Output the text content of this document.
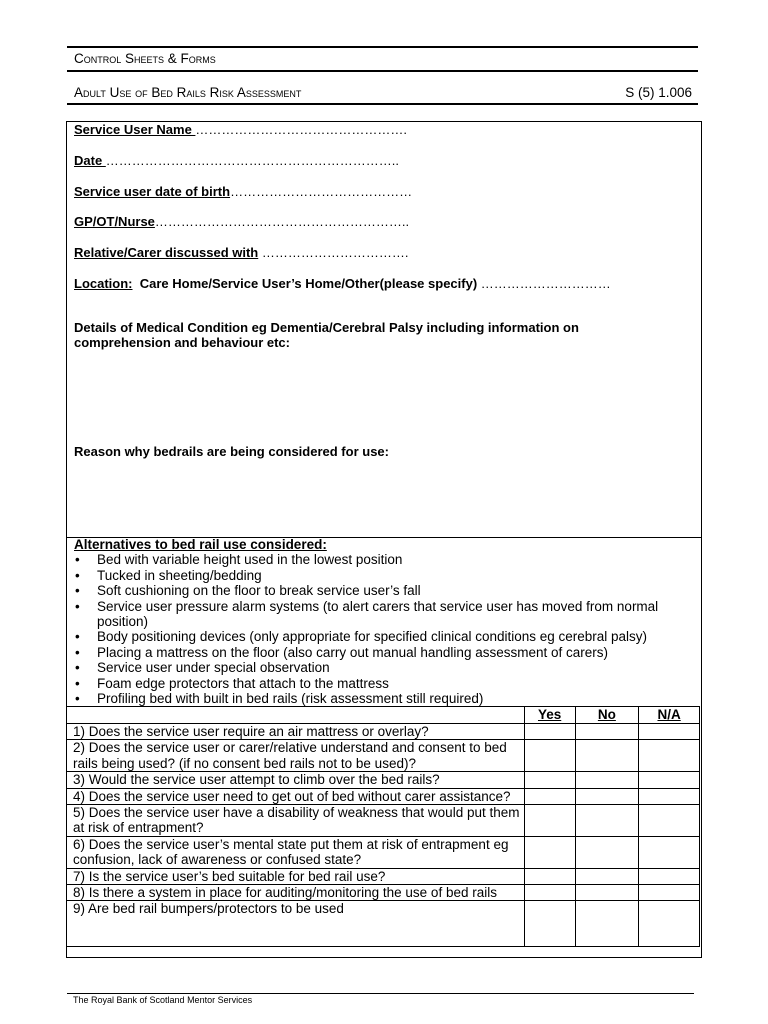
Control Sheets & Forms
Adult Use of Bed Rails Risk Assessment	S (5) 1.006
Service User Name ………………………………………….
Date …………………………………………………………..
Service user date of birth……………………………………
GP/OT/Nurse…………………………………………………..
Relative/Carer discussed with …………………………….
Location:  Care Home/Service User’s Home/Other(please specify) …………………………
Details of Medical Condition eg Dementia/Cerebral Palsy including information on comprehension and behaviour etc:
Reason why bedrails are being considered for use:
Alternatives to bed rail use considered:
• Bed with variable height used in the lowest position
• Tucked in sheeting/bedding
• Soft cushioning on the floor to break service user’s fall
• Service user pressure alarm systems (to alert carers that service user has moved from normal position)
• Body positioning devices (only appropriate for specified clinical conditions eg cerebral palsy)
• Placing a mattress on the floor (also carry out manual handling assessment of carers)
• Service user under special observation
• Foam edge protectors that attach to the mattress
• Profiling bed with built in bed rails (risk assessment still required)
	Yes	No	N/A
1) Does the service user require an air mattress or overlay?			
2) Does the service user or carer/relative understand and consent to bed rails being used? (if no consent bed rails not to be used)?			
3) Would the service user attempt to climb over the bed rails?			
4) Does the service user need to get out of bed without carer assistance?			
5) Does the service user have a disability of weakness that would put them at risk of entrapment?			
6) Does the service user’s mental state put them at risk of entrapment eg confusion, lack of awareness or confused state?			
7) Is the service user’s bed suitable for bed rail use?			
8) Is there a system in place for auditing/monitoring the use of bed rails			
9) Are bed rail bumpers/protectors to be used			
The Royal Bank of Scotland Mentor Services
